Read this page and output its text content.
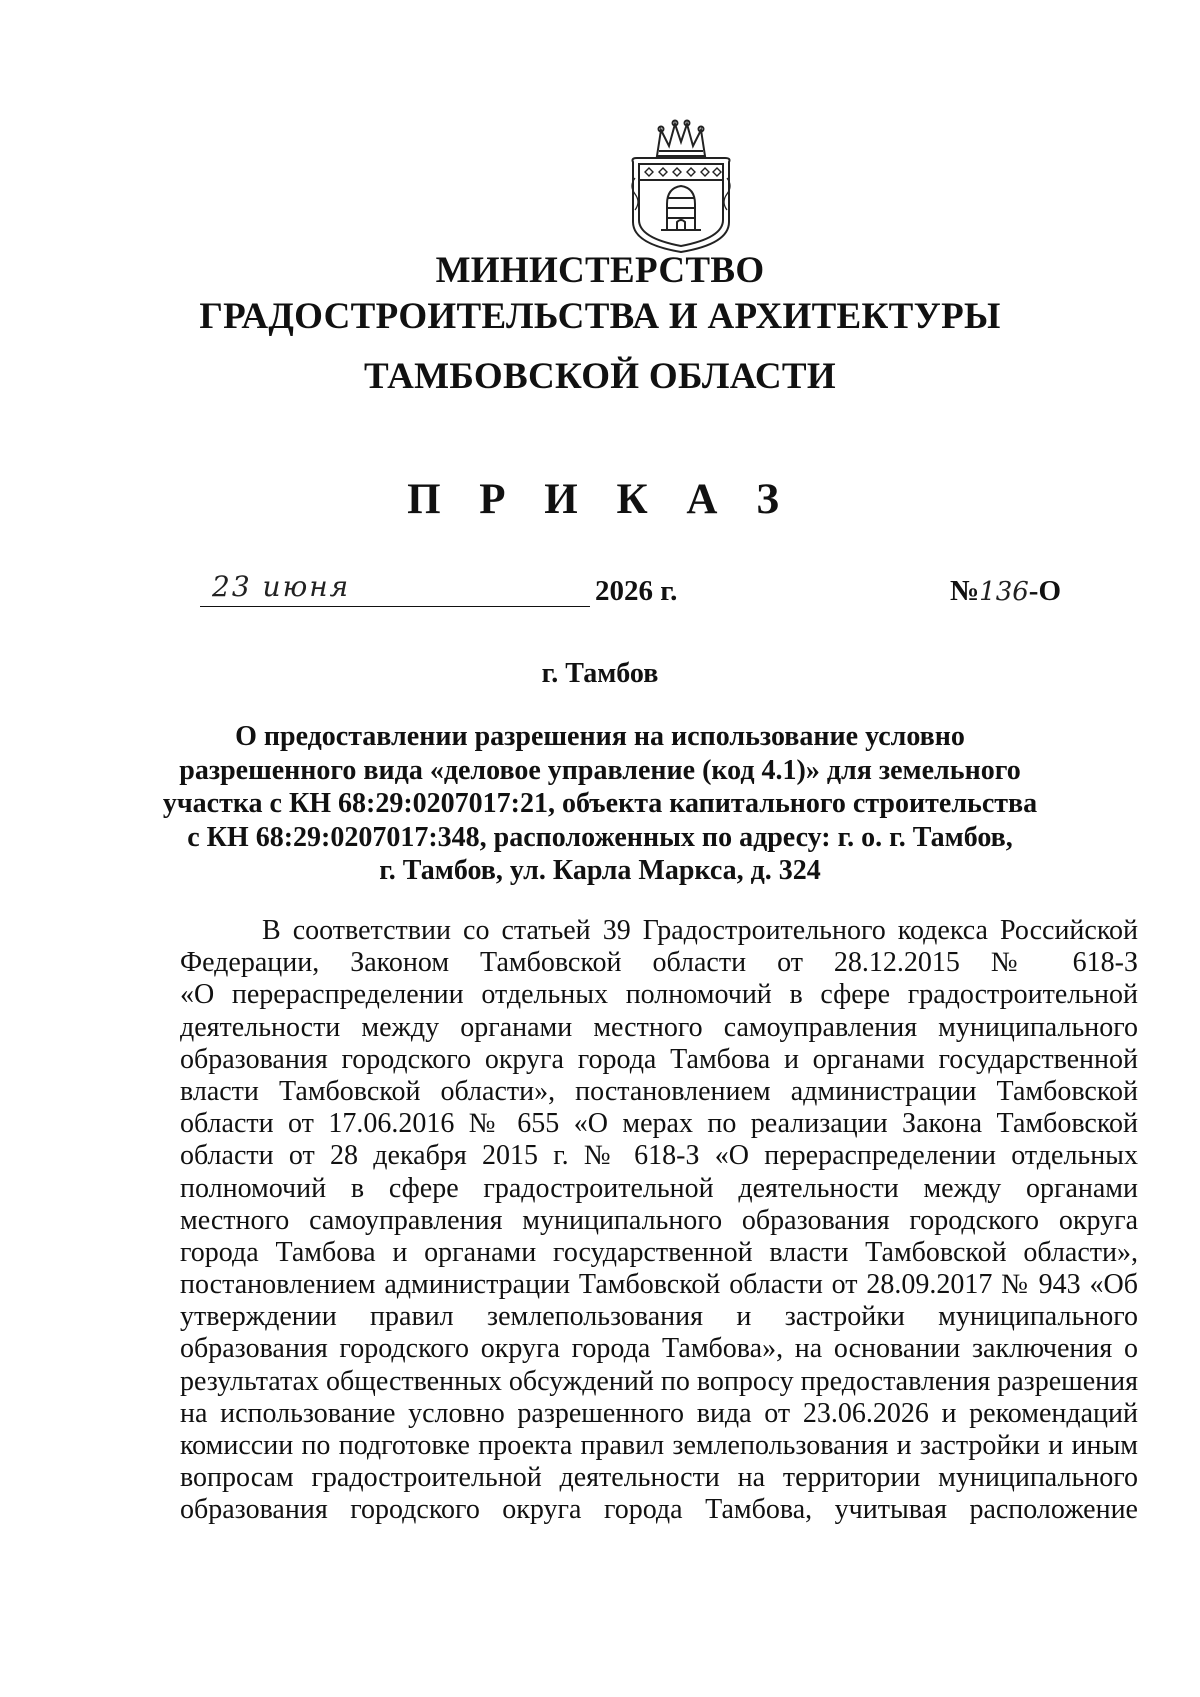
МИНИСТЕРСТВО
ГРАДОСТРОИТЕЛЬСТВА И АРХИТЕКТУРЫ
ТАМБОВСКОЙ ОБЛАСТИ
П Р И К А З
23 июня	2026 г.	№136-О
г. Тамбов
О предоставлении разрешения на использование условно
разрешенного вида «деловое управление (код 4.1)» для земельного
участка с КН 68:29:0207017:21, объекта капитального строительства
с КН 68:29:0207017:348, расположенных по адресу: г. о. г. Тамбов,
г. Тамбов, ул. Карла Маркса, д. 324
В соответствии со статьей 39 Градостроительного кодекса Российской
Федерации, Законом Тамбовской области от 28.12.2015 № 618-З
«О перераспределении отдельных полномочий в сфере градостроительной
деятельности между органами местного самоуправления муниципального
образования городского округа города Тамбова и органами государственной
власти Тамбовской области», постановлением администрации Тамбовской
области от 17.06.2016 № 655 «О мерах по реализации Закона Тамбовской
области от 28 декабря 2015 г. № 618-З «О перераспределении отдельных
полномочий в сфере градостроительной деятельности между органами
местного самоуправления муниципального образования городского округа
города Тамбова и органами государственной власти Тамбовской области»,
постановлением администрации Тамбовской области от 28.09.2017 № 943 «Об
утверждении правил землепользования и застройки муниципального
образования городского округа города Тамбова», на основании заключения о
результатах общественных обсуждений по вопросу предоставления разрешения
на использование условно разрешенного вида от 23.06.2026 и рекомендаций
комиссии по подготовке проекта правил землепользования и застройки и иным
вопросам градостроительной деятельности на территории муниципального
образования городского округа города Тамбова, учитывая расположение
